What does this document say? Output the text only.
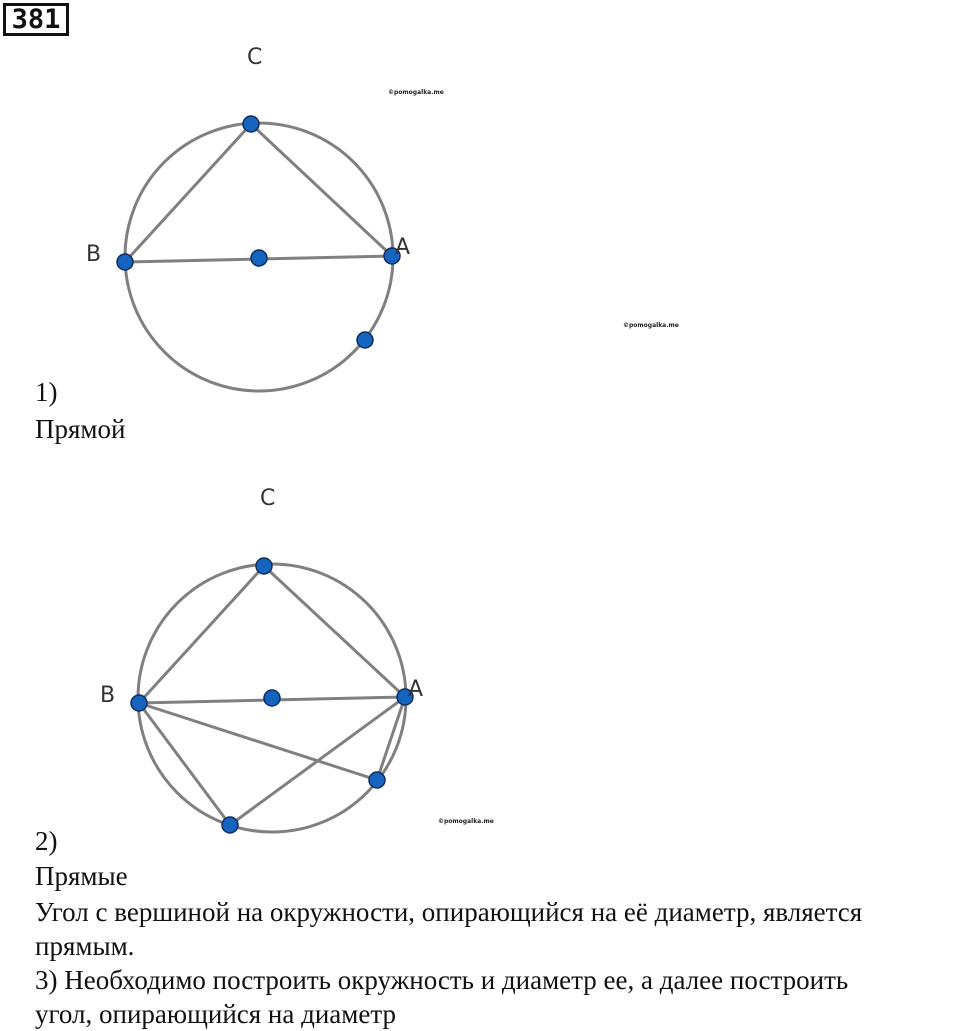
381
©pomogalka.me
©pomogalka.me
©pomogalka.me
C
B	A
1)
Прямой
C
B	A
2)
Прямые
Угол с вершиной на окружности, опирающийся на её диаметр, является
прямым.
3) Необходимо построить окружность и диаметр ее, а далее построить
угол, опирающийся на диаметр
